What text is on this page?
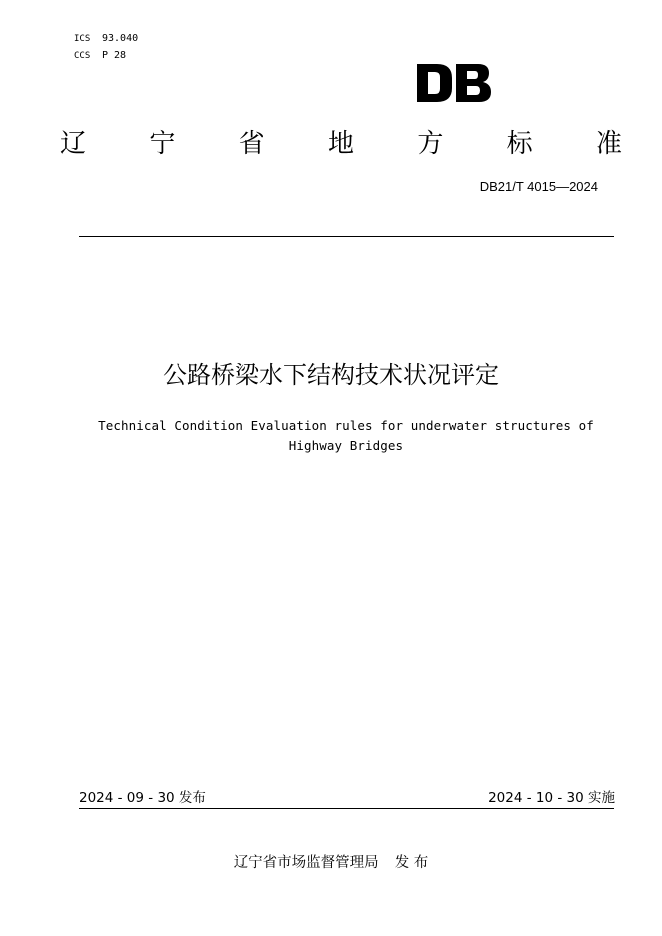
ICS 93.040
CCS P 28
辽 宁 省 地 方 标 准
DB21/T 4015—2024
公路桥梁水下结构技术状况评定
Technical Condition Evaluation rules for underwater structures of
Highway Bridges
2024 - 09 - 30 发布	2024 - 10 - 30 实施
辽宁省市场监督管理局 发 布
